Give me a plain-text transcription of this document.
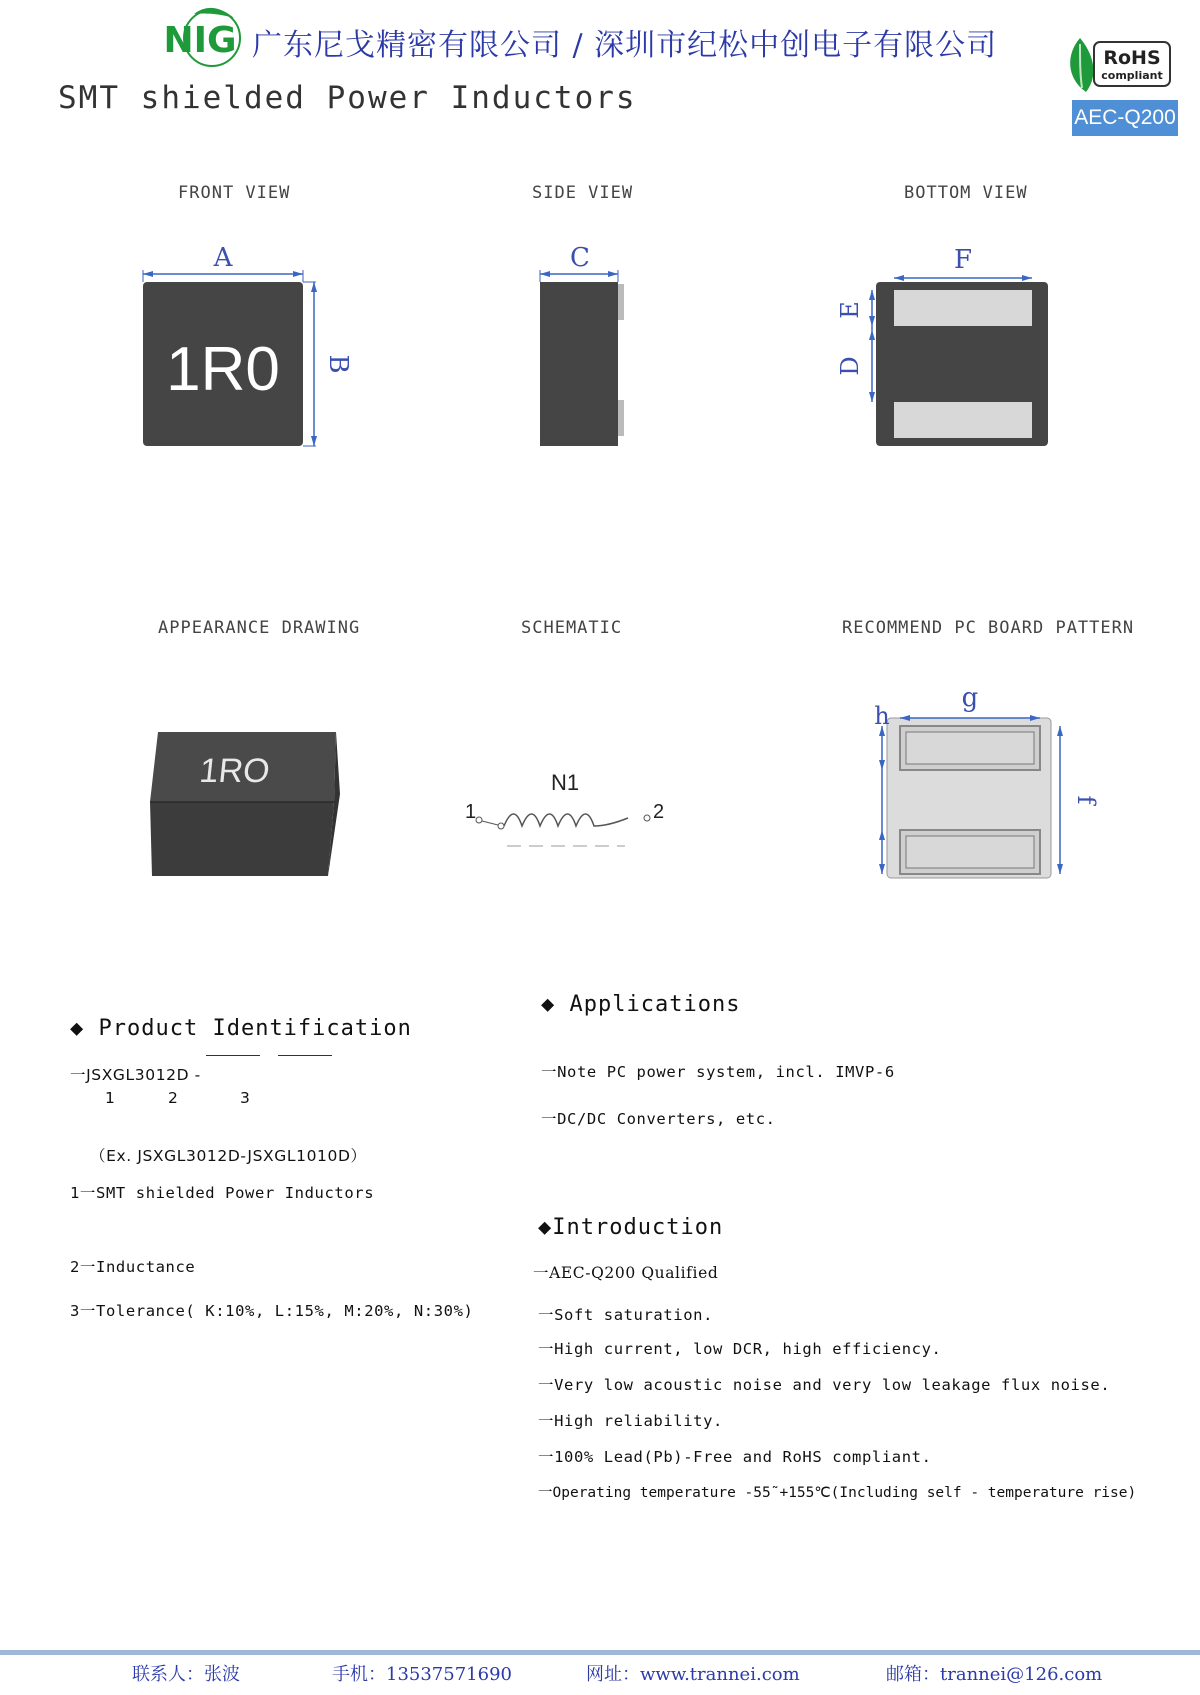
NIG 广东尼戈精密有限公司 / 深圳市纪松中创电子有限公司
SMT shielded Power Inductors
RoHS
compliant
AEC-Q200
FRONT VIEW	SIDE VIEW	BOTTOM VIEW
1R0
A
B
C	F
E
D
APPEARANCE DRAWING	SCHEMATIC	RECOMMEND PC BOARD PATTERN
1RO	N1
1	2
g
h
f
◆ Product Identification
一JSXGL3012D -
1	2	3
（Ex. JSXGL3012D-JSXGL1010D）
1一SMT shielded Power Inductors
2一Inductance
3一Tolerance( K:10%, L:15%, M:20%, N:30%)
◆ Applications
一Note PC power system, incl. IMVP-6
一DC/DC Converters, etc.
◆Introduction
一AEC-Q200 Qualified
一Soft saturation.
一High current, low DCR, high efficiency.
一Very low acoustic noise and very low leakage flux noise.
一High reliability.
一100% Lead(Pb)-Free and RoHS compliant.
一Operating temperature -55˜+155℃(Including self - temperature rise)
联系人：张波	手机：13537571690	网址：www.trannei.com	邮箱：trannei@126.com
